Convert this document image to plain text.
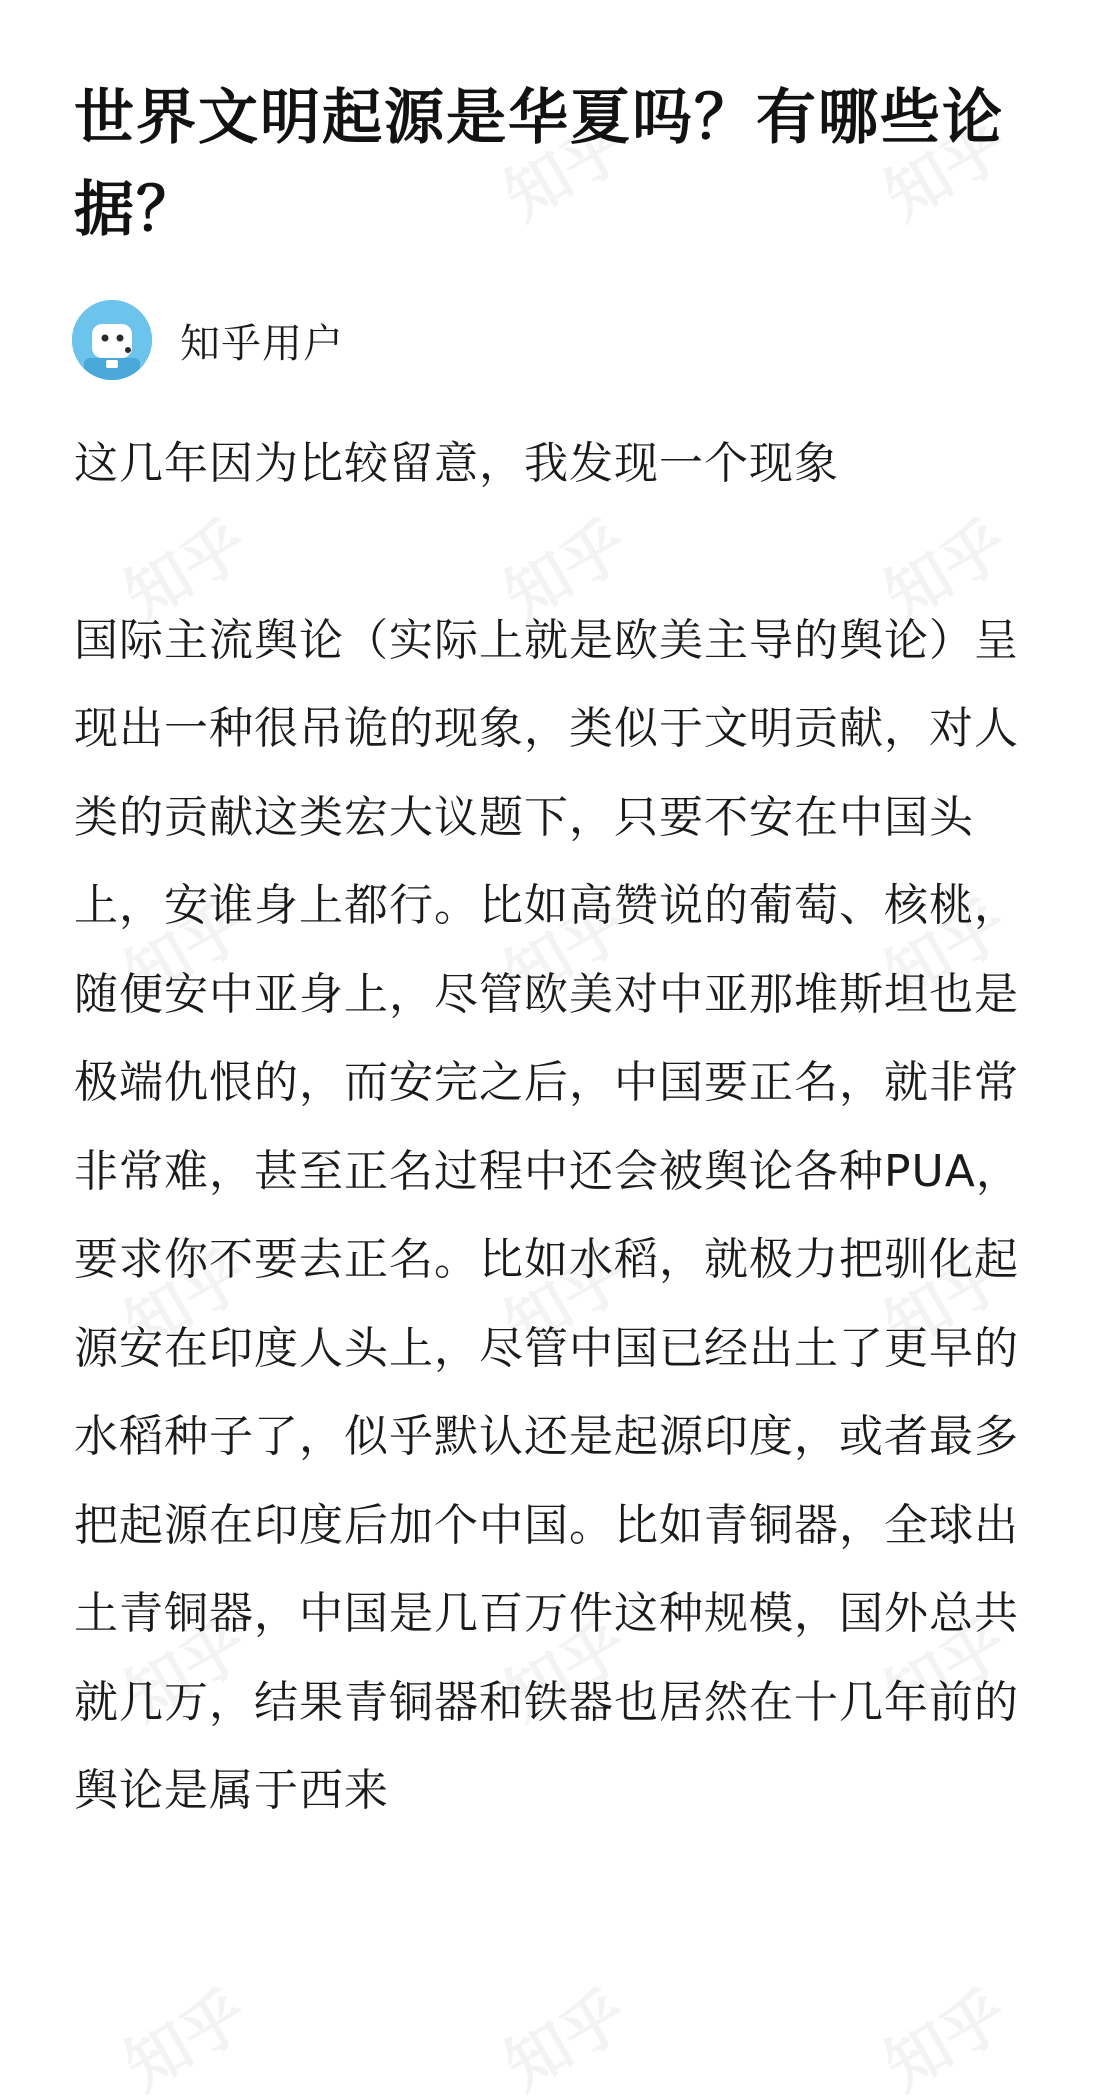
世界文明起源是华夏吗？有哪些论据？
知乎用户

这几年因为比较留意，我发现一个现象

国际主流舆论（实际上就是欧美主导的舆论）呈现出一种很吊诡的现象，类似于文明贡献，对人类的贡献这类宏大议题下，只要不安在中国头上，安谁身上都行。比如高赞说的葡萄、核桃，随便安中亚身上，尽管欧美对中亚那堆斯坦也是极端仇恨的，而安完之后，中国要正名，就非常非常难，甚至正名过程中还会被舆论各种PUA，要求你不要去正名。比如水稻，就极力把驯化起源安在印度人头上，尽管中国已经出土了更早的水稻种子了，似乎默认还是起源印度，或者最多把起源在印度后加个中国。比如青铜器，全球出土青铜器，中国是几百万件这种规模，国外总共就几万，结果青铜器和铁器也居然在十几年前的舆论是属于西来
